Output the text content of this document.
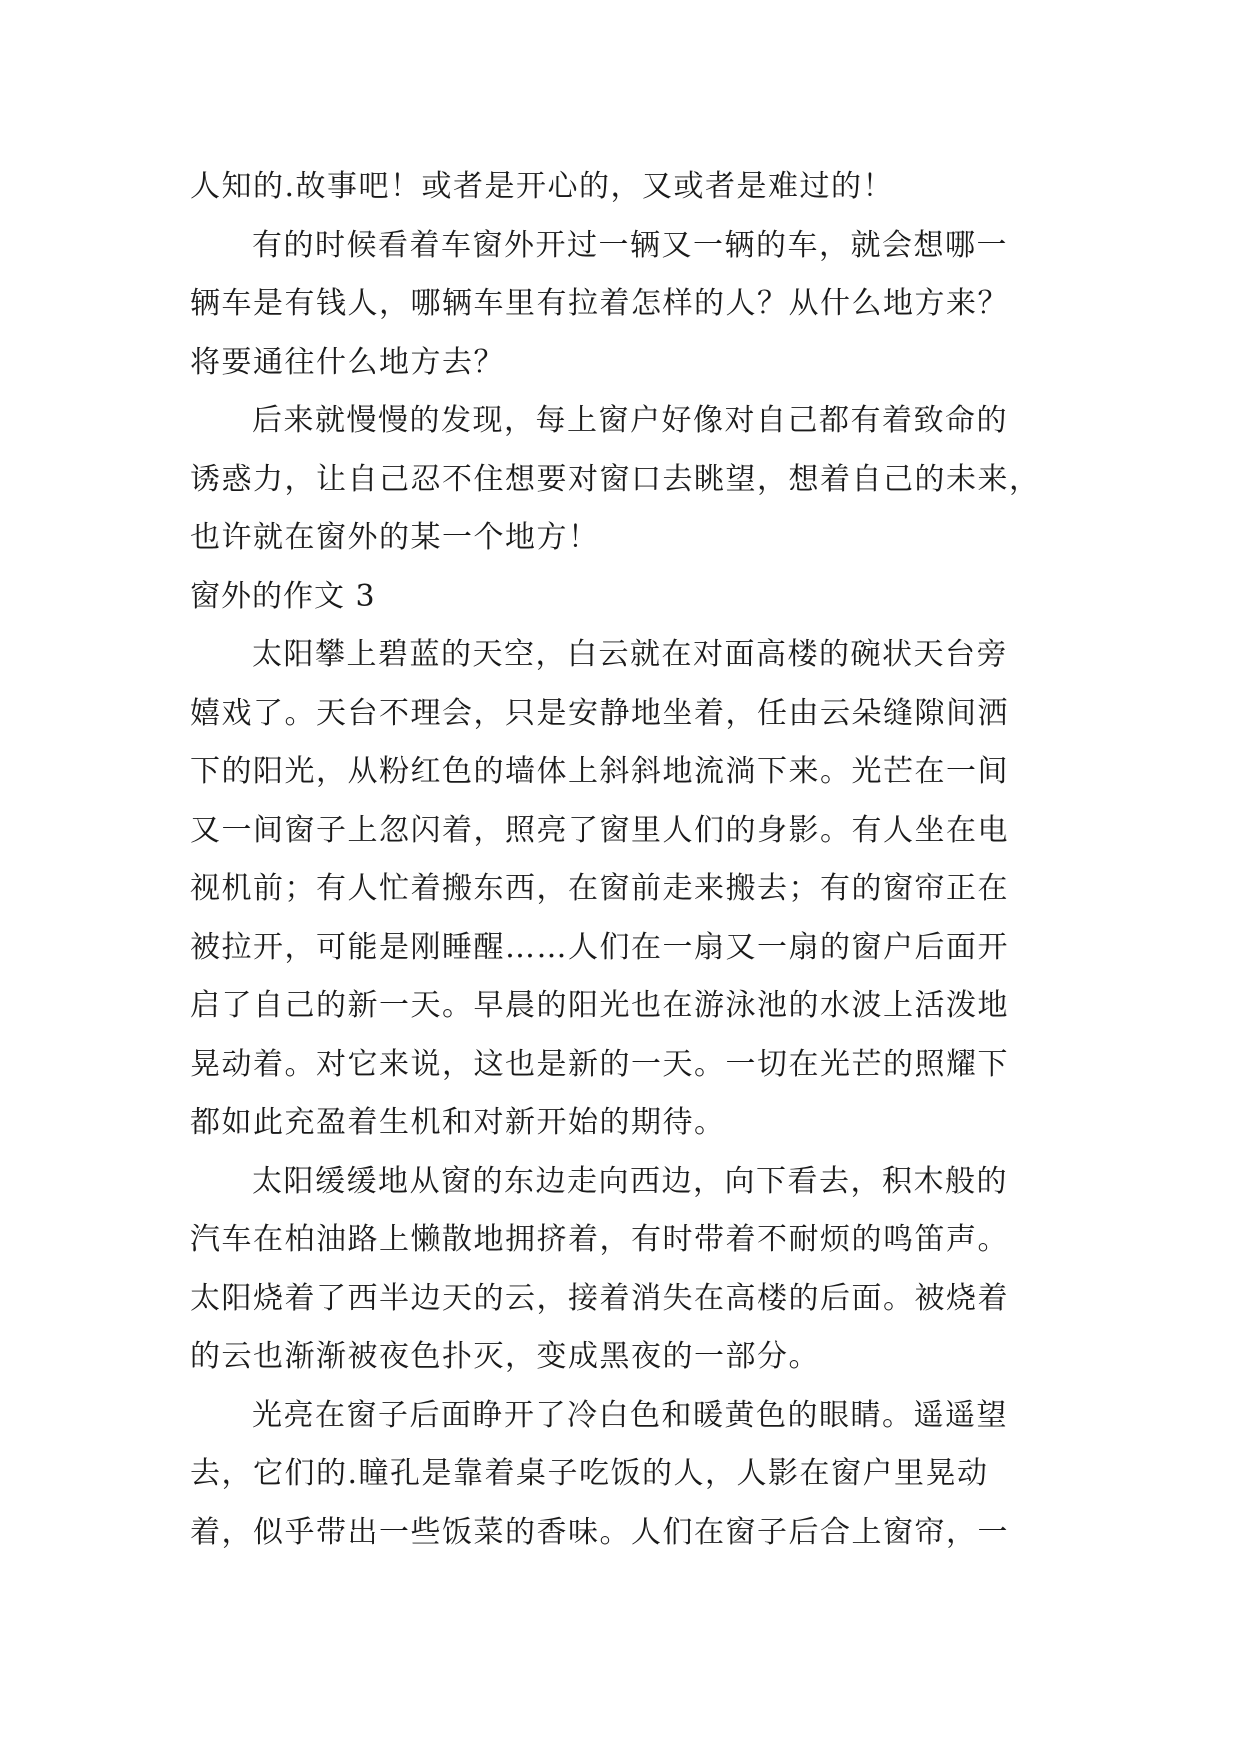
人知的.故事吧！或者是开心的，又或者是难过的！
有的时候看着车窗外开过一辆又一辆的车，就会想哪一
辆车是有钱人，哪辆车里有拉着怎样的人？从什么地方来？
将要通往什么地方去？
后来就慢慢的发现，每上窗户好像对自己都有着致命的
诱惑力，让自己忍不住想要对窗口去眺望，想着自己的未来，
也许就在窗外的某一个地方！
窗外的作文 3
太阳攀上碧蓝的天空，白云就在对面高楼的碗状天台旁
嬉戏了。天台不理会，只是安静地坐着，任由云朵缝隙间洒
下的阳光，从粉红色的墙体上斜斜地流淌下来。光芒在一间
又一间窗子上忽闪着，照亮了窗里人们的身影。有人坐在电
视机前；有人忙着搬东西，在窗前走来搬去；有的窗帘正在
被拉开，可能是刚睡醒……人们在一扇又一扇的窗户后面开
启了自己的新一天。早晨的阳光也在游泳池的水波上活泼地
晃动着。对它来说，这也是新的一天。一切在光芒的照耀下
都如此充盈着生机和对新开始的期待。
太阳缓缓地从窗的东边走向西边，向下看去，积木般的
汽车在柏油路上懒散地拥挤着，有时带着不耐烦的鸣笛声。
太阳烧着了西半边天的云，接着消失在高楼的后面。被烧着
的云也渐渐被夜色扑灭，变成黑夜的一部分。
光亮在窗子后面睁开了冷白色和暖黄色的眼睛。遥遥望
去，它们的.瞳孔是靠着桌子吃饭的人，人影在窗户里晃动
着，似乎带出一些饭菜的香味。人们在窗子后合上窗帘，一
